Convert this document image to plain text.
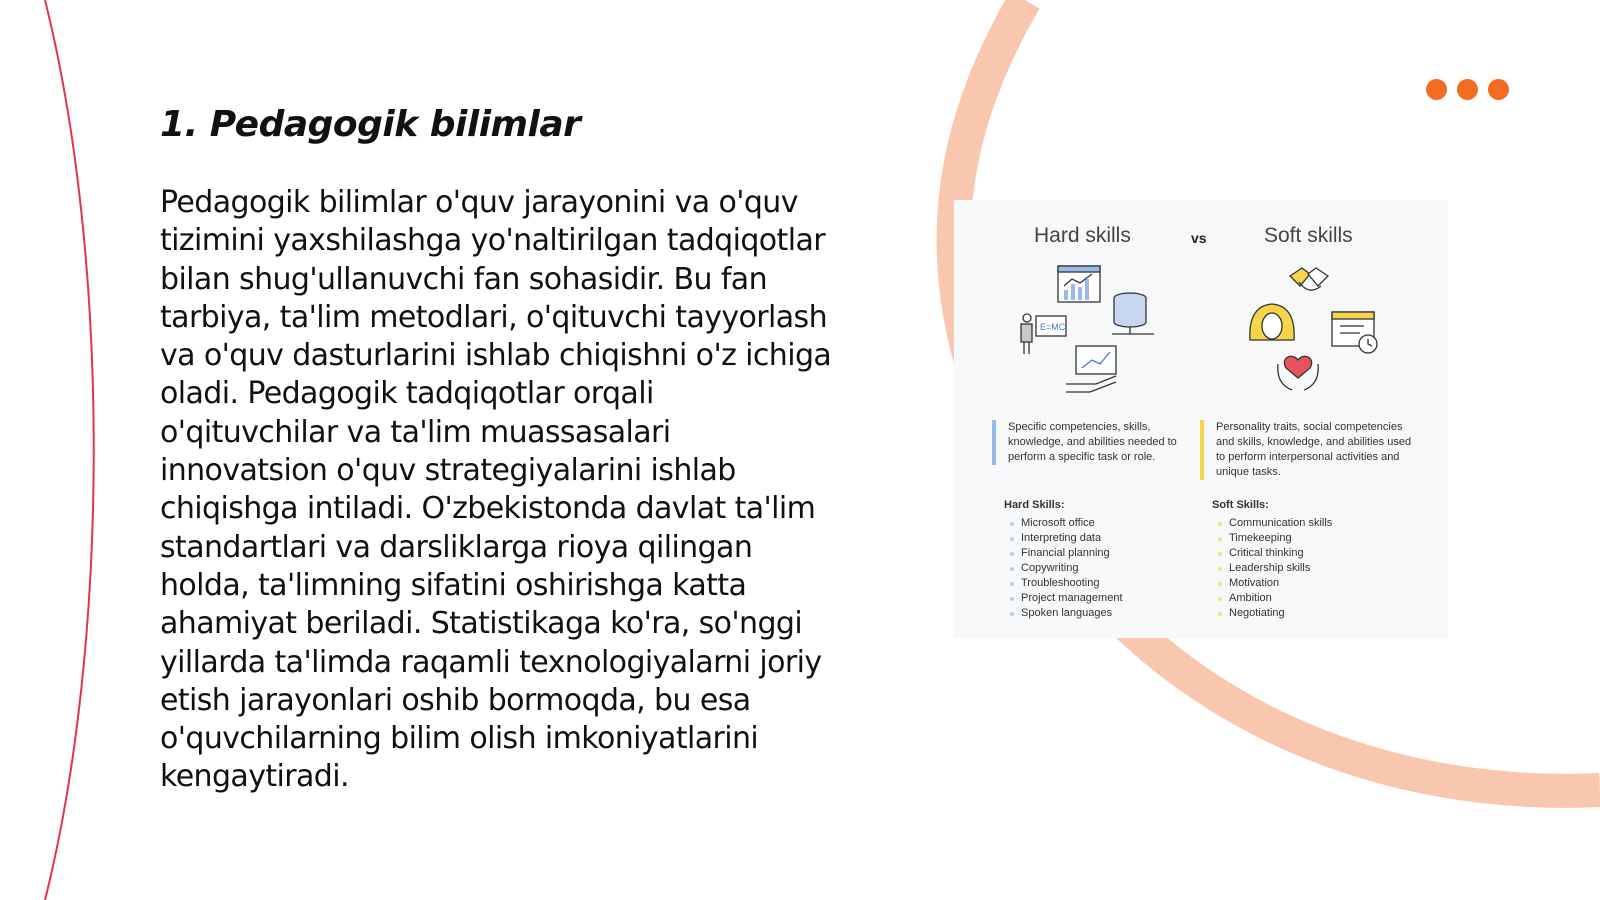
1. Pedagogik bilimlar

Pedagogik bilimlar o'quv jarayonini va o'quv tizimini yaxshilashga yo'naltirilgan tadqiqotlar bilan shug'ullanuvchi fan sohasidir. Bu fan tarbiya, ta'lim metodlari, o'qituvchi tayyorlash va o'quv dasturlarini ishlab chiqishni o'z ichiga oladi. Pedagogik tadqiqotlar orqali o'qituvchilar va ta'lim muassasalari innovatsion o'quv strategiyalarini ishlab chiqishga intiladi. O'zbekistonda davlat ta'lim standartlari va darsliklarga rioya qilingan holda, ta'limning sifatini oshirishga katta ahamiyat beriladi. Statistikaga ko'ra, so'nggi yillarda ta'limda raqamli texnologiyalarni joriy etish jarayonlari oshib bormoqda, bu esa o'quvchilarning bilim olish imkoniyatlarini kengaytiradi.

Hard skills	vs	Soft skills
E=MC
Specific competencies, skills, knowledge, and abilities needed to perform a specific task or role.
Personality traits, social competencies and skills, knowledge, and abilities used to perform interpersonal activities and unique tasks.
Hard Skills:
Microsoft office
Interpreting data
Financial planning
Copywriting
Troubleshooting
Project management
Spoken languages
Soft Skills:
Communication skills
Timekeeping
Critical thinking
Leadership skills
Motivation
Ambition
Negotiating
